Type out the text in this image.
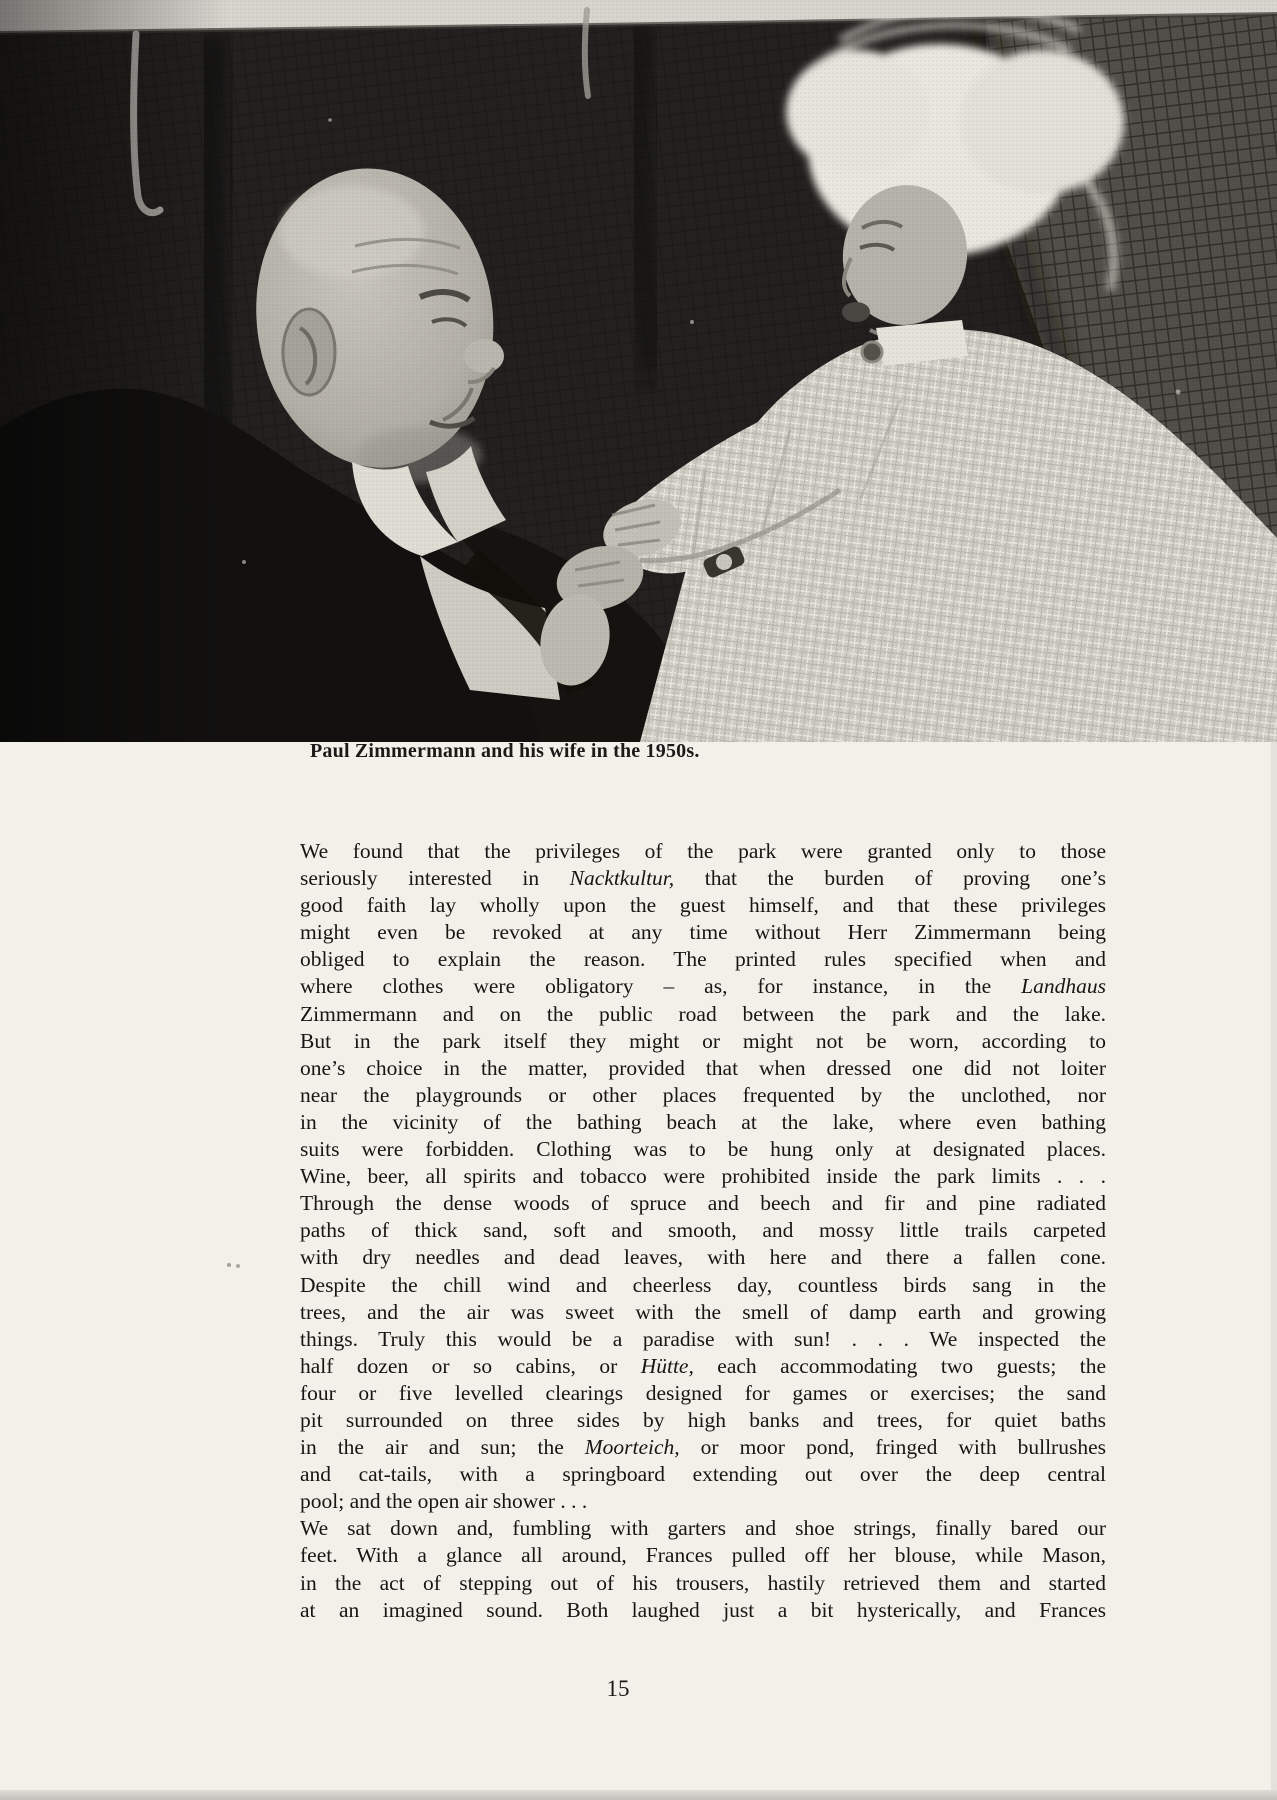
Paul Zimmermann and his wife in the 1950s.

We found that the privileges of the park were granted only to those
seriously interested in Nacktkultur, that the burden of proving one’s
good faith lay wholly upon the guest himself, and that these privileges
might even be revoked at any time without Herr Zimmermann being
obliged to explain the reason. The printed rules specified when and
where clothes were obligatory – as, for instance, in the Landhaus
Zimmermann and on the public road between the park and the lake.
But in the park itself they might or might not be worn, according to
one’s choice in the matter, provided that when dressed one did not loiter
near the playgrounds or other places frequented by the unclothed, nor
in the vicinity of the bathing beach at the lake, where even bathing
suits were forbidden. Clothing was to be hung only at designated places.
Wine, beer, all spirits and tobacco were prohibited inside the park limits . . .
Through the dense woods of spruce and beech and fir and pine radiated
paths of thick sand, soft and smooth, and mossy little trails carpeted
with dry needles and dead leaves, with here and there a fallen cone.
Despite the chill wind and cheerless day, countless birds sang in the
trees, and the air was sweet with the smell of damp earth and growing
things. Truly this would be a paradise with sun! . . . We inspected the
half dozen or so cabins, or Hütte, each accommodating two guests; the
four or five levelled clearings designed for games or exercises; the sand
pit surrounded on three sides by high banks and trees, for quiet baths
in the air and sun; the Moorteich, or moor pond, fringed with bullrushes
and cat-tails, with a springboard extending out over the deep central
pool; and the open air shower . . .
We sat down and, fumbling with garters and shoe strings, finally bared our
feet. With a glance all around, Frances pulled off her blouse, while Mason,
in the act of stepping out of his trousers, hastily retrieved them and started
at an imagined sound. Both laughed just a bit hysterically, and Frances
15
